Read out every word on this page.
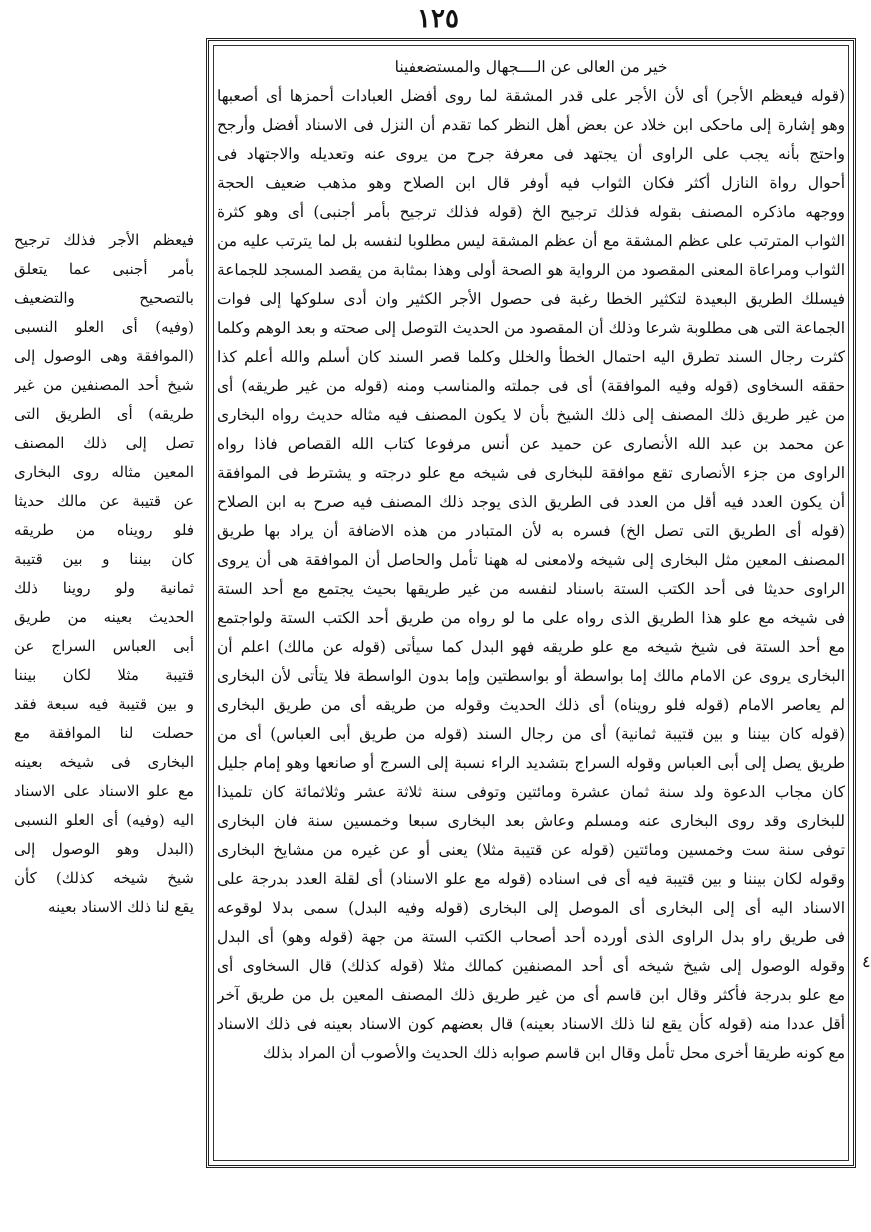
١٢٥
خير من العالى عن الــــجهال والمستضعفينا
(قوله فيعظم الأجر) أى لأن الأجر على قدر المشقة لما روى أفضل العبادات أحمزها أى أصعبها
وهو إشارة إلى ماحكى ابن خلاد عن بعض أهل النظر كما تقدم أن النزل فى الاسناد أفضل وأرجح
واحتج بأنه يجب على الراوى أن يجتهد فى معرفة جرح من يروى عنه وتعديله والاجتهاد فى
أحوال رواة النازل أكثر فكان الثواب فيه أوفر قال ابن الصلاح وهو مذهب ضعيف الحجة
ووجهه ماذكره المصنف بقوله فذلك ترجيح الخ (قوله فذلك ترجيح بأمر أجنبى) أى وهو كثرة
الثواب المترتب على عظم المشقة مع أن عظم المشقة ليس مطلوبا لنفسه بل لما يترتب عليه من
الثواب ومراعاة المعنى المقصود من الرواية هو الصحة أولى وهذا بمثابة من يقصد المسجد للجماعة
فيسلك الطريق البعيدة لتكثير الخطا رغبة فى حصول الأجر الكثير وان أدى سلوكها إلى فوات
الجماعة التى هى مطلوبة شرعا وذلك أن المقصود من الحديث التوصل إلى صحته و بعد الوهم وكلما
كثرت رجال السند تطرق اليه احتمال الخطأ والخلل وكلما قصر السند كان أسلم والله أعلم كذا
حققه السخاوى (قوله وفيه الموافقة) أى فى جملته والمناسب ومنه (قوله من غير طريقه) أى
من غير طريق ذلك المصنف إلى ذلك الشيخ بأن لا يكون المصنف فيه مثاله حديث رواه البخارى
عن محمد بن عبد الله الأنصارى عن حميد عن أنس مرفوعا كتاب الله القصاص فاذا رواه
الراوى من جزء الأنصارى تقع موافقة للبخارى فى شيخه مع علو درجته و يشترط فى الموافقة
أن يكون العدد فيه أقل من العدد فى الطريق الذى يوجد ذلك المصنف فيه صرح به ابن الصلاح
(قوله أى الطريق التى تصل الخ) فسره به لأن المتبادر من هذه الاضافة أن يراد بها طريق
المصنف المعين مثل البخارى إلى شيخه ولامعنى له ههنا تأمل والحاصل أن الموافقة هى أن يروى
الراوى حديثا فى أحد الكتب الستة باسناد لنفسه من غير طريقها بحيث يجتمع مع أحد الستة
فى شيخه مع علو هذا الطريق الذى رواه على ما لو رواه من طريق أحد الكتب الستة ولواجتمع
مع أحد الستة فى شيخ شيخه مع علو طريقه فهو البدل كما سيأتى (قوله عن مالك) اعلم أن
البخارى يروى عن الامام مالك إما بواسطة أو بواسطتين وإما بدون الواسطة فلا يتأتى لأن البخارى
لم يعاصر الامام (قوله فلو رويناه) أى ذلك الحديث وقوله من طريقه أى من طريق البخارى
(قوله كان بيننا و بين قتيبة ثمانية) أى من رجال السند (قوله من طريق أبى العباس) أى من
طريق يصل إلى أبى العباس وقوله السراج بتشديد الراء نسبة إلى السرج أو صانعها وهو إمام جليل
كان مجاب الدعوة ولد سنة ثمان عشرة ومائتين وتوفى سنة ثلاثة عشر وثلاثمائة كان تلميذا
للبخارى وقد روى البخارى عنه ومسلم وعاش بعد البخارى سبعا وخمسين سنة فان البخارى
توفى سنة ست وخمسين ومائتين (قوله عن قتيبة مثلا) يعنى أو عن غيره من مشايخ البخارى
وقوله لكان بيننا و بين قتيبة فيه أى فى اسناده (قوله مع علو الاسناد) أى لقلة العدد بدرجة على
الاسناد اليه أى إلى البخارى أى الموصل إلى البخارى (قوله وفيه البدل) سمى بدلا لوقوعه
فى طريق راو بدل الراوى الذى أورده أحد أصحاب الكتب الستة من جهة (قوله وهو) أى البدل
وقوله الوصول إلى شيخ شيخه أى أحد المصنفين كمالك مثلا (قوله كذلك) قال السخاوى أى
مع علو بدرجة فأكثر وقال ابن قاسم أى من غير طريق ذلك المصنف المعين بل من طريق آخر
أقل عددا منه (قوله كأن يقع لنا ذلك الاسناد بعينه) قال بعضهم كون الاسناد بعينه فى ذلك الاسناد
مع كونه طريقا أخرى محل تأمل وقال ابن قاسم صوابه ذلك الحديث والأصوب أن المراد بذلك
فيعظم الأجر فذلك ترجيح
بأمر أجنبى عما يتعلق
بالتصحيح والتضعيف
(وفيه) أى العلو النسبى
(الموافقة وهى الوصول إلى
شيخ أحد المصنفين من غير
طريقه) أى الطريق التى
تصل إلى ذلك المصنف
المعين مثاله روى البخارى
عن قتيبة عن مالك حديثا
فلو رويناه من طريقه
كان بيننا و بين قتيبة
ثمانية ولو روينا ذلك
الحديث بعينه من طريق
أبى العباس السراج عن
قتيبة مثلا لكان بيننا
و بين قتيبة فيه سبعة فقد
حصلت لنا الموافقة مع
البخارى فى شيخه بعينه
مع علو الاسناد على الاسناد
اليه (وفيه) أى العلو النسبى
(البدل وهو الوصول إلى
شيخ شيخه كذلك) كأن
يقع لنا ذلك الاسناد بعينه
٤
